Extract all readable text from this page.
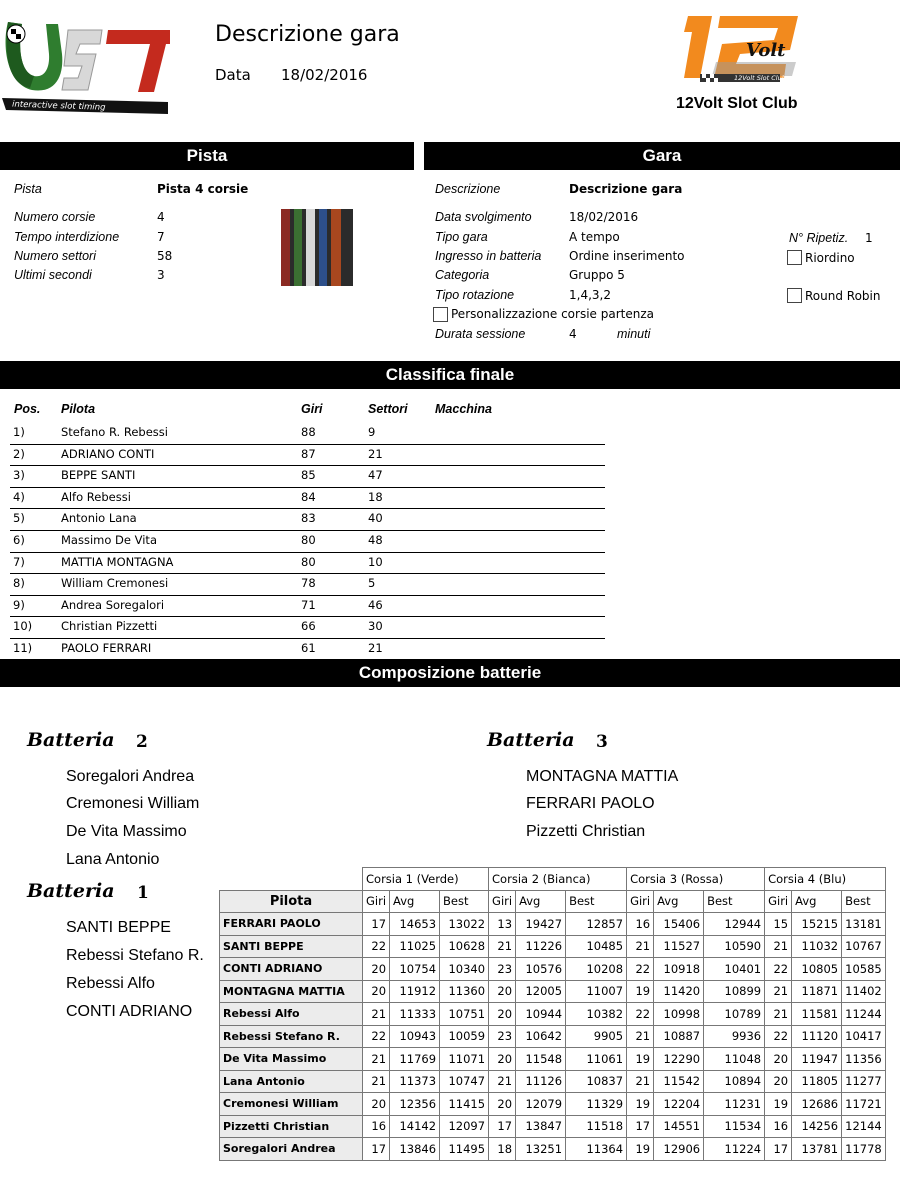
interactive slot timing
Descrizione gara
Data 18/02/2016
Volt
12Volt Slot Club
12Volt Slot Club
Pista	Gara
Pista	Pista 4 corsie
Numero corsie	4
Tempo interdizione	7
Numero settori	58
Ultimi secondi	3
Descrizione	Descrizione gara
Data svolgimento	18/02/2016
Tipo gara	A tempo
Ingresso in batteria Ordine inserimento
Categoria	Gruppo 5
Tipo rotazione	1,4,3,2
Personalizzazione corsie partenza
Durata sessione	4	minuti
N° Ripetiz. 1
Riordino
Round Robin
Classifica finale
Pos. Pilota	Giri	Settori Macchina
1)	Stefano R. Rebessi	88	9
2)	ADRIANO CONTI	87	21
3)	BEPPE SANTI	85	47
4)	Alfo Rebessi	84	18
5)	Antonio Lana	83	40
6)	Massimo De Vita	80	48
7)	MATTIA MONTAGNA	80	10
8)	William Cremonesi	78	5
9)	Andrea Soregalori	71	46
10)	Christian Pizzetti	66	30
11)	PAOLO FERRARI	61	21
Composizione batterie
Batteria 2
Soregalori Andrea
Cremonesi William
De Vita Massimo
Lana Antonio
Batteria 3
MONTAGNA MATTIA
FERRARI PAOLO
Pizzetti Christian
Batteria 1
SANTI BEPPE
Rebessi Stefano R.
Rebessi Alfo
CONTI ADRIANO
	Corsia 1 (Verde)			Corsia 2 (Bianca)			Corsia 3 (Rossa)			Corsia 4 (Blu)		
Pilota	Giri	Avg	Best	Giri	Avg	Best	Giri	Avg	Best	Giri	Avg	Best
FERRARI PAOLO	17	14653	13022	13	19427	12857	16	15406	12944	15	15215	13181
SANTI BEPPE	22	11025	10628	21	11226	10485	21	11527	10590	21	11032	10767
CONTI ADRIANO	20	10754	10340	23	10576	10208	22	10918	10401	22	10805	10585
MONTAGNA MATTIA	20	11912	11360	20	12005	11007	19	11420	10899	21	11871	11402
Rebessi Alfo	21	11333	10751	20	10944	10382	22	10998	10789	21	11581	11244
Rebessi Stefano R.	22	10943	10059	23	10642	9905	21	10887	9936	22	11120	10417
De Vita Massimo	21	11769	11071	20	11548	11061	19	12290	11048	20	11947	11356
Lana Antonio	21	11373	10747	21	11126	10837	21	11542	10894	20	11805	11277
Cremonesi William	20	12356	11415	20	12079	11329	19	12204	11231	19	12686	11721
Pizzetti Christian	16	14142	12097	17	13847	11518	17	14551	11534	16	14256	12144
Soregalori Andrea	17	13846	11495	18	13251	11364	19	12906	11224	17	13781	11778
